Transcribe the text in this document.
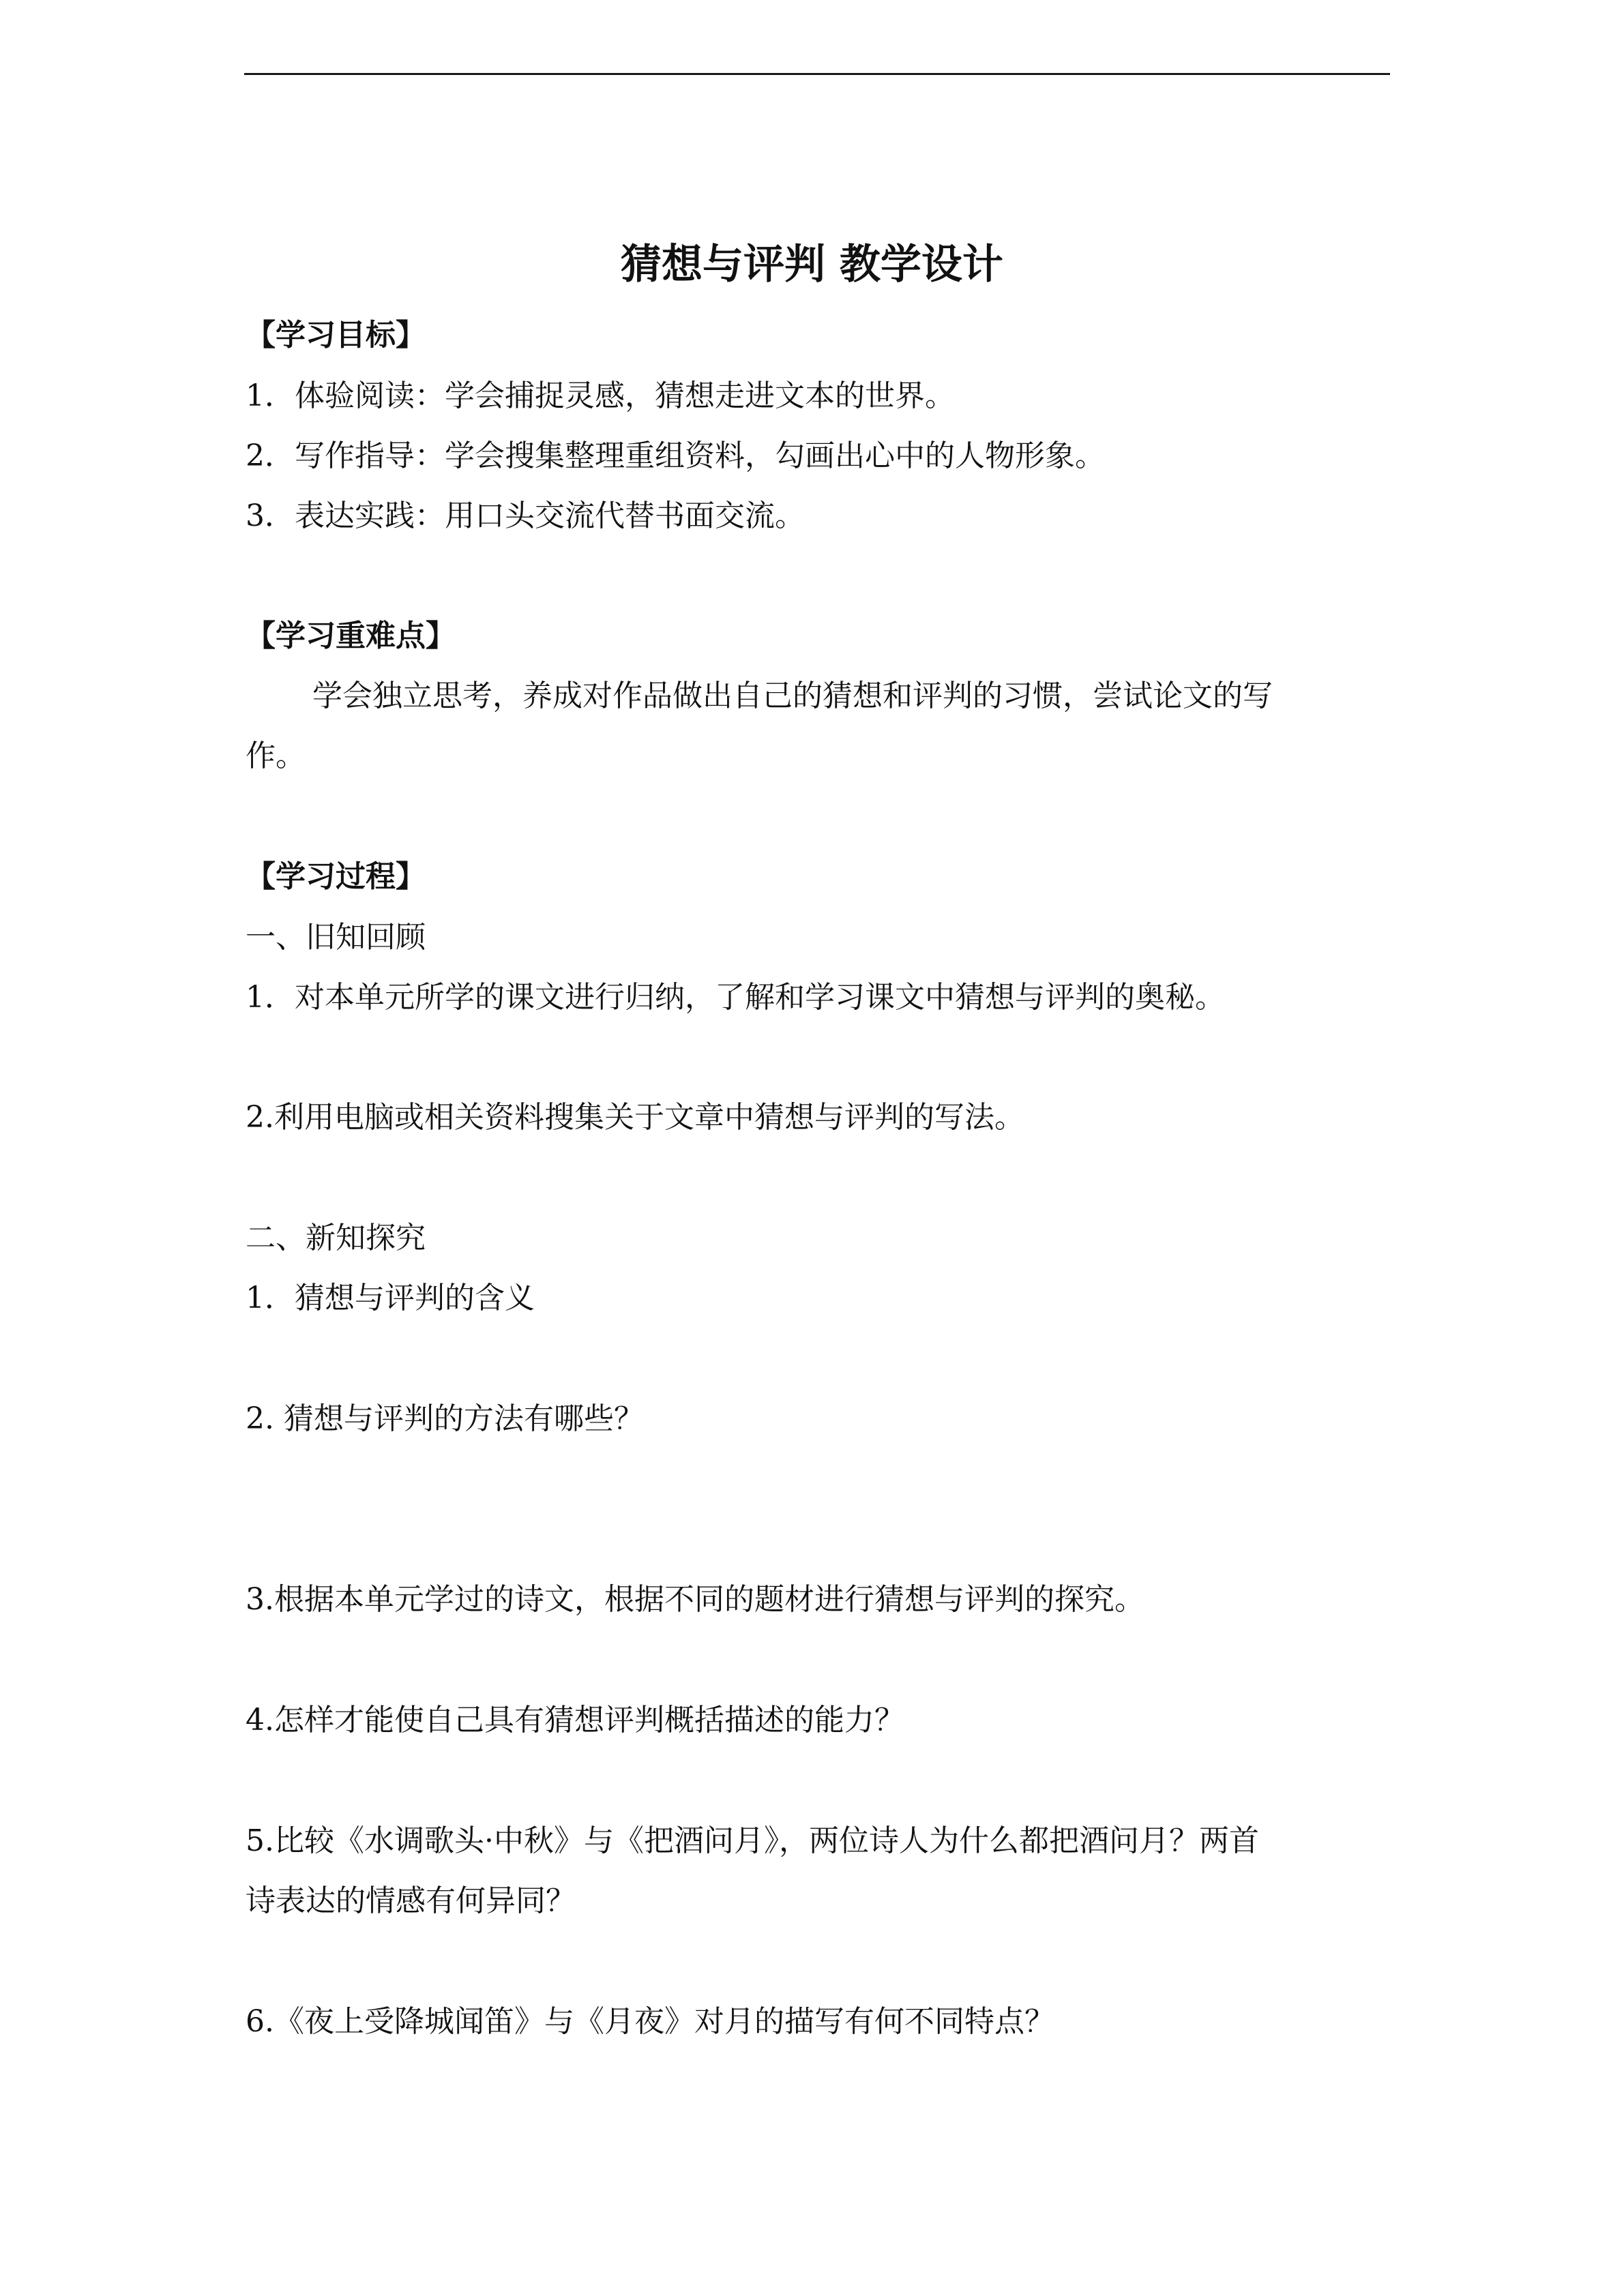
猜想与评判 教学设计
【学习目标】
1．体验阅读：学会捕捉灵感，猜想走进文本的世界。
2．写作指导：学会搜集整理重组资料，勾画出心中的人物形象。
3．表达实践：用口头交流代替书面交流。
【学习重难点】
学会独立思考，养成对作品做出自己的猜想和评判的习惯，尝试论文的写
作。
【学习过程】
一、旧知回顾
1．对本单元所学的课文进行归纳，了解和学习课文中猜想与评判的奥秘。
2.利用电脑或相关资料搜集关于文章中猜想与评判的写法。
二、新知探究
1．猜想与评判的含义
2. 猜想与评判的方法有哪些？
3.根据本单元学过的诗文，根据不同的题材进行猜想与评判的探究。
4.怎样才能使自己具有猜想评判概括描述的能力？
5.比较《水调歌头·中秋》与《把酒问月》，两位诗人为什么都把酒问月？两首
诗表达的情感有何异同？
6.《夜上受降城闻笛》与《月夜》对月的描写有何不同特点？
